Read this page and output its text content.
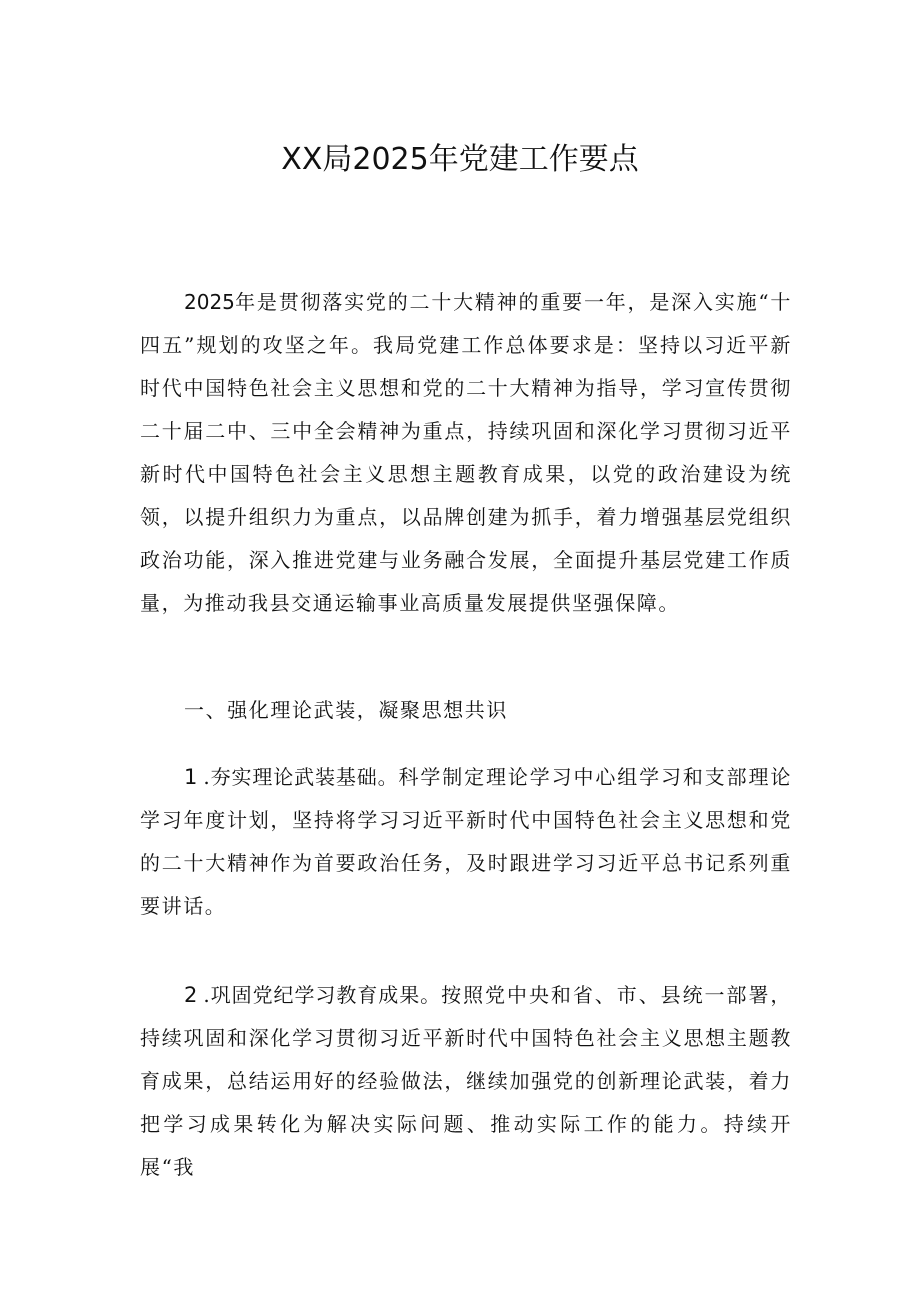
XX局2025年党建工作要点

2025年是贯彻落实党的二十大精神的重要一年，是深入实施“十四五”规划的攻坚之年。我局党建工作总体要求是：坚持以习近平新时代中国特色社会主义思想和党的二十大精神为指导，学习宣传贯彻二十届二中、三中全会精神为重点，持续巩固和深化学习贯彻习近平新时代中国特色社会主义思想主题教育成果，以党的政治建设为统领，以提升组织力为重点，以品牌创建为抓手，着力增强基层党组织政治功能，深入推进党建与业务融合发展，全面提升基层党建工作质量，为推动我县交通运输事业高质量发展提供坚强保障。

一、强化理论武装，凝聚思想共识

1 .夯实理论武装基础。科学制定理论学习中心组学习和支部理论学习年度计划，坚持将学习习近平新时代中国特色社会主义思想和党的二十大精神作为首要政治任务，及时跟进学习习近平总书记系列重要讲话。

2 .巩固党纪学习教育成果。按照党中央和省、市、县统一部署，持续巩固和深化学习贯彻习近平新时代中国特色社会主义思想主题教育成果，总结运用好的经验做法，继续加强党的创新理论武装，着力把学习成果转化为解决实际问题、推动实际工作的能力。持续开展“我
